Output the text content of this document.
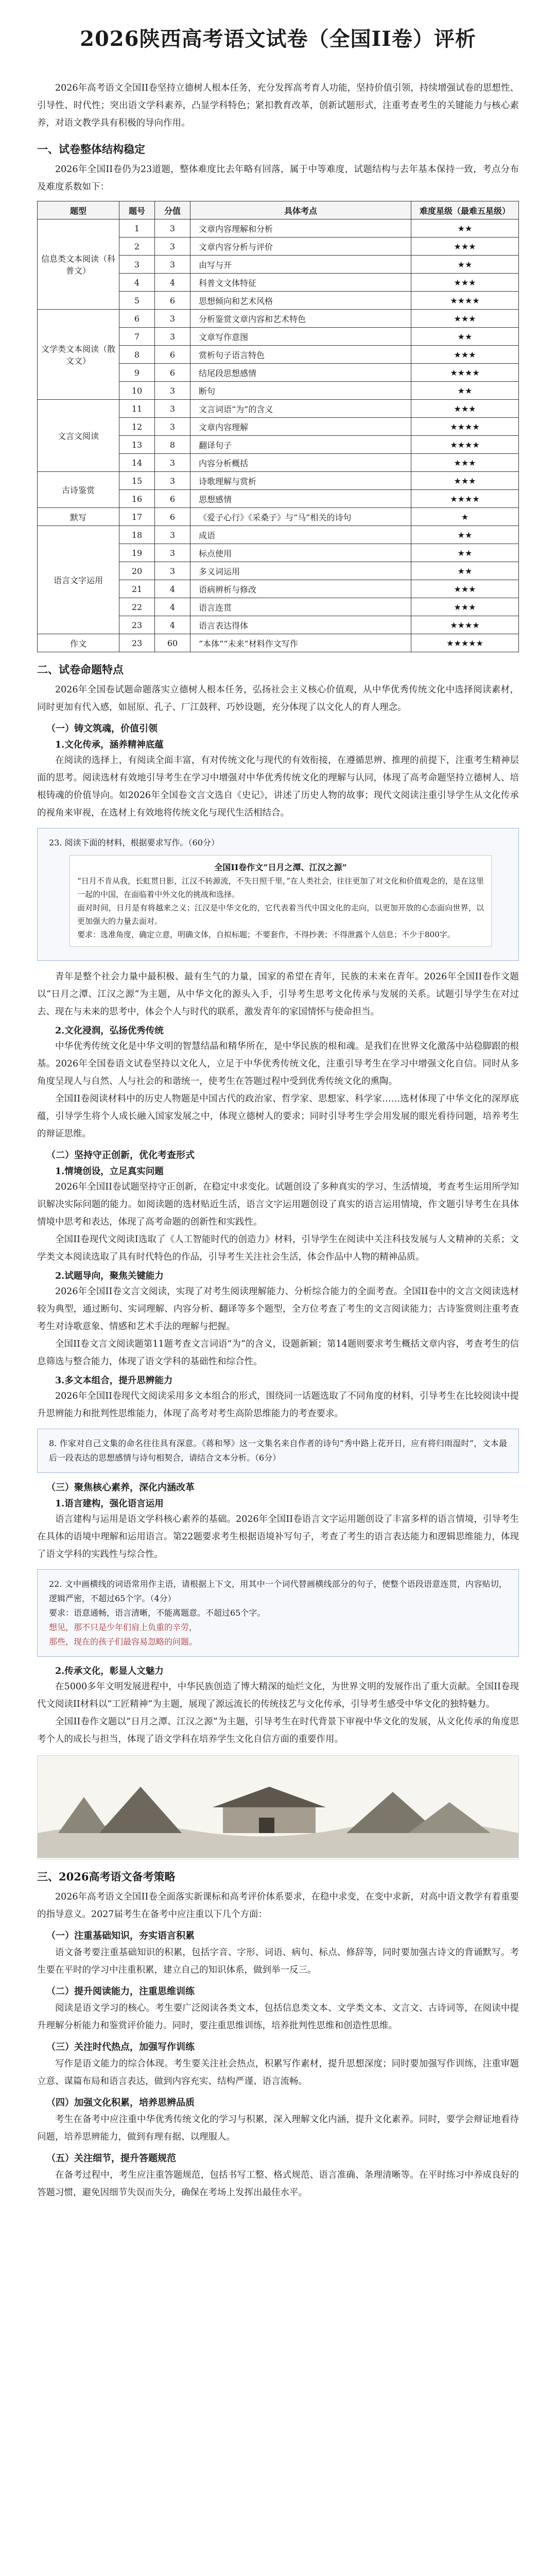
2026陕西高考语文试卷（全国II卷）评析

2026年高考语文全国II卷坚持立德树人根本任务，充分发挥高考育人功能，坚持价值引领，持续增强试卷的思想性、引导性、时代性；突出语文学科素养，凸显学科特色；紧扣教育改革，创新试题形式，注重考查考生的关键能力与核心素养，对语文教学具有积极的导向作用。

一、试卷整体结构稳定

2026年全国II卷仍为23道题，整体难度比去年略有回落，属于中等难度，试题结构与去年基本保持一致，考点分布及难度系数如下：

题型	题号	分值	具体考点	难度星级（最难五星级）
信息类文本阅读（科普文）	1	3	文章内容理解和分析	★★
	2	3	文章内容分析与评价	★★★
	3	3	由写与开	★★
	4	4	科普文文体特征	★★★
	5	6	思想倾向和艺术风格	★★★★
文学类文本阅读（散文文）	6	3	分析鉴赏文章内容和艺术特色	★★★
	7	3	文章写作意图	★★
	8	6	赏析句子语言特色	★★★
	9	6	结尾段思想感情	★★★★
	10	3	断句	★★
文言文阅读	11	3	文言词语“为”的含义	★★★
	12	3	文章内容理解	★★★★
	13	8	翻译句子	★★★★
	14	3	内容分析概括	★★★
古诗鉴赏	15	3	诗歌理解与赏析	★★★
	16	6	思想感情	★★★★
默写	17	6	《爱子心行》《采桑子》与“马”相关的诗句	★
语言文字运用	18	3	成语	★★
	19	3	标点使用	★★
	20	3	多义词运用	★★
	21	4	语病辨析与修改	★★★
	22	4	语言连贯	★★★
	23	4	语言表达得体	★★★★
作文	23	60	“本体”“未来”材料作文写作	★★★★★
二、试卷命题特点

2026年全国卷试题命题落实立德树人根本任务，弘扬社会主义核心价值观，从中华优秀传统文化中选择阅读素材，同时更加有代入感，如屈原、孔子、厂江鼓秤、巧妙设题，充分体现了以文化人的育人理念。

（一）铸文筑魂，价值引领
1.文化传承，涵养精神底蕴

在阅读的选择上，有阅读全面丰富，有对传统文化与现代的有效衔接，在遵循思辨、推理的前提下，注重考生精神层面的思考。阅读选材有效地引导考生在学习中增强对中华优秀传统文化的理解与认同，体现了高考命题坚持立德树人、培根铸魂的价值导向。如2026年全国卷文言文选自《史记》，讲述了历史人物的故事；现代文阅读注重引导学生从文化传承的视角来审视，在选材上有效地将传统文化与现代生活相结合。

23. 阅读下面的材料，根据要求写作。（60分）

全国II卷作文“日月之潭、江汉之源”

“日月不肯从我，长虹贯日影，江汉不转源流，不失日照千里，”在人类社会，往往更加了对文化和价值观念的，是在这里一起的中国，在面临着中外文化的挑战和选择。

面对时间，日月是有将越来之义；江汉是中华文化的，它代表着当代中国文化的走向，以更加开放的心态面向世界，以更加强大的力量去面对。

要求：选准角度，确定立意，明确文体，自拟标题；不要套作，不得抄袭；不得泄露个人信息；不少于800字。

青年是整个社会力量中最积极、最有生气的力量，国家的希望在青年，民族的未来在青年。2026年全国II卷作文题以“日月之潭、江汉之源”为主题，从中华文化的源头入手，引导考生思考文化传承与发展的关系。试题引导学生在对过去、现在与未来的思考中，体会个人与时代的联系，激发青年的家国情怀与使命担当。

2.文化浸润，弘扬优秀传统

中华优秀传统文化是中华文明的智慧结晶和精华所在，是中华民族的根和魂。是我们在世界文化激荡中站稳脚跟的根基。2026年全国卷语文试卷坚持以文化人，立足于中华优秀传统文化，注重引导考生在学习中增强文化自信。同时从多角度呈现人与自然、人与社会的和谐统一，使考生在答题过程中受到优秀传统文化的熏陶。

全国II卷阅读材料中的历史人物题是中国古代的政治家、哲学家、思想家、科学家……选材体现了中华文化的深厚底蕴，引导学生将个人成长融入国家发展之中，体现立德树人的要求；同时引导考生学会用发展的眼光看待问题，培养考生的辩证思维。

（二）坚持守正创新，优化考查形式
1.情境创设，立足真实问题

2026年全国II卷试题坚持守正创新，在稳定中求变化。试题创设了多种真实的学习、生活情境，考查考生运用所学知识解决实际问题的能力。如阅读题的选材贴近生活，语言文字运用题创设了真实的语言运用情境，作文题引导考生在具体情境中思考和表达，体现了高考命题的创新性和实践性。

全国II卷现代文阅读I选取了《人工智能时代的创造力》材料，引导学生在阅读中关注科技发展与人文精神的关系；文学类文本阅读选取了具有时代特色的作品，引导考生关注社会生活，体会作品中人物的精神品质。

2.试题导向，聚焦关键能力

2026年全国II卷文言文阅读，实现了对考生阅读理解能力、分析综合能力的全面考查。全国II卷中的文言文阅读选材较为典型，通过断句、实词理解、内容分析、翻译等多个题型，全方位考查了考生的文言阅读能力；古诗鉴赏则注重考查考生对诗歌意象、情感和艺术手法的理解与把握。

全国II卷文言文阅读题第11题考查文言词语“为”的含义，设题新颖；第14题则要求考生概括文章内容，考查考生的信息筛选与整合能力，体现了语文学科的基础性和综合性。

3.多文本组合，提升思辨能力

2026年全国II卷现代文阅读采用多文本组合的形式，围绕同一话题选取了不同角度的材料，引导考生在比较阅读中提升思辨能力和批判性思维能力，体现了高考对考生高阶思维能力的考查要求。

8. 作家对自己文集的命名往往具有深意。《蒋和琴》这一文集名来自作者的诗句“秀中路上花开日，应有将归雨湿时”，文本最后一段表达的思想感情与诗句相契合，请结合文本分析。（6分）

（三）聚焦核心素养，深化内涵改革
1.语言建构，强化语言运用

语言建构与运用是语文学科核心素养的基础。2026年全国II卷语言文字运用题创设了丰富多样的语言情境，引导考生在具体的语境中理解和运用语言。第22题要求考生根据语境补写句子，考查了考生的语言表达能力和逻辑思维能力，体现了语文学科的实践性与综合性。

22. 文中画横线的词语常用作主语，请根据上下文，用其中一个词代替画横线部分的句子，使整个语段语意连贯，内容贴切，逻辑严密，不超过65个字。（4分）

要求：语意通畅，语言清晰，不能离题意。不超过65个字。

想见，那不只是少年们肩上负重的辛劳，

那些，现在的孩子们最容易忽略的问题。

2.传承文化，彰显人文魅力

在5000多年文明发展进程中，中华民族创造了博大精深的灿烂文化，为世界文明的发展作出了重大贡献。全国II卷现代文阅读II材料以“工匠精神”为主题，展现了源远流长的传统技艺与文化传承，引导考生感受中华文化的独特魅力。

全国II卷作文题以“日月之潭、江汉之源”为主题，引导考生在时代背景下审视中华文化的发展，从文化传承的角度思考个人的成长与担当，体现了语文学科在培养学生文化自信方面的重要作用。

三、2026高考语文备考策略

2026年高考语文全国II卷全面落实新课标和高考评价体系要求，在稳中求变，在变中求新，对高中语文教学有着重要的指导意义。2027届考生在备考中应注重以下几个方面：

（一）注重基础知识，夯实语言积累

语文备考要注重基础知识的积累，包括字音、字形、词语、病句、标点、修辞等，同时要加强古诗文的背诵默写。考生要在平时的学习中注重积累，建立自己的知识体系，做到举一反三。

（二）提升阅读能力，注重思维训练

阅读是语文学习的核心。考生要广泛阅读各类文本，包括信息类文本、文学类文本、文言文、古诗词等，在阅读中提升理解分析能力和鉴赏评价能力。同时，要注重思维训练，培养批判性思维和创造性思维。

（三）关注时代热点，加强写作训练

写作是语文能力的综合体现。考生要关注社会热点，积累写作素材，提升思想深度；同时要加强写作训练，注重审题立意、谋篇布局和语言表达，做到内容充实、结构严谨、语言流畅。

（四）加强文化积累，培养思辨品质

考生在备考中应注重中华优秀传统文化的学习与积累，深入理解文化内涵，提升文化素养。同时，要学会辩证地看待问题，培养思辨能力，做到有理有据、以理服人。

（五）关注细节，提升答题规范

在备考过程中，考生应注重答题规范，包括书写工整、格式规范、语言准确、条理清晰等。在平时练习中养成良好的答题习惯，避免因细节失误而失分，确保在考场上发挥出最佳水平。
